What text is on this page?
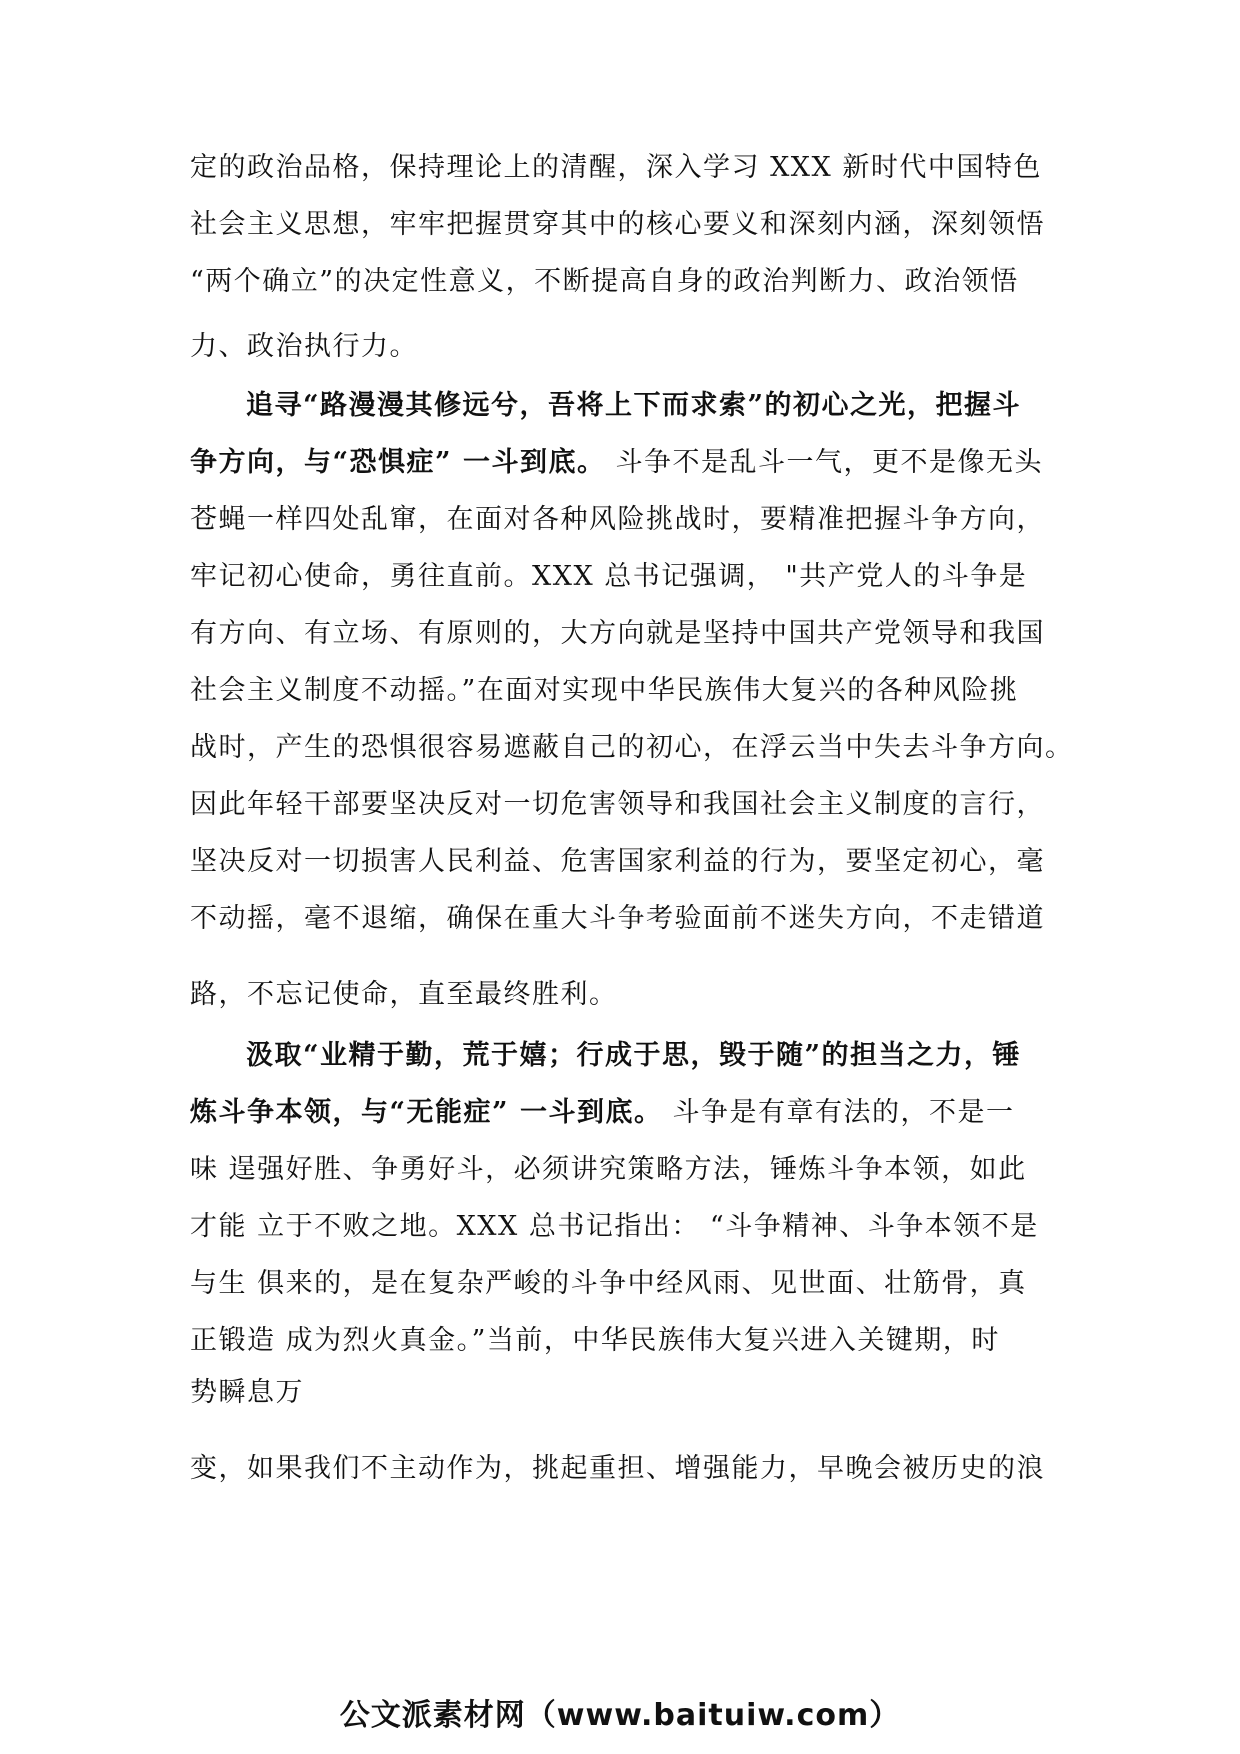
定的政治品格，保持理论上的清醒，深入学习 XXX 新时代中国特色
社会主义思想，牢牢把握贯穿其中的核心要义和深刻内涵，深刻领悟
“两个确立”的决定性意义，不断提高自身的政治判断力、政治领悟
力、政治执行力。
追寻“路漫漫其修远兮，吾将上下而求索”的初心之光，把握斗
争方向，与“恐惧症” 一斗到底。 斗争不是乱斗一气，更不是像无头
苍蝇一样四处乱窜，在面对各种风险挑战时，要精准把握斗争方向，
牢记初心使命，勇往直前。XXX 总书记强调， "共产党人的斗争是
有方向、有立场、有原则的，大方向就是坚持中国共产党领导和我国
社会主义制度不动摇。”在面对实现中华民族伟大复兴的各种风险挑
战时，产生的恐惧很容易遮蔽自己的初心，在浮云当中失去斗争方向。
因此年轻干部要坚决反对一切危害领导和我国社会主义制度的言行，
坚决反对一切损害人民利益、危害国家利益的行为，要坚定初心，毫
不动摇，毫不退缩，确保在重大斗争考验面前不迷失方向，不走错道
路，不忘记使命，直至最终胜利。
汲取“业精于勤，荒于嬉；行成于思，毁于随”的担当之力，锤
炼斗争本领，与“无能症” 一斗到底。 斗争是有章有法的，不是一
味 逞强好胜、争勇好斗，必须讲究策略方法，锤炼斗争本领，如此
才能 立于不败之地。XXX 总书记指出： “斗争精神、斗争本领不是
与生 俱来的，是在复杂严峻的斗争中经风雨、见世面、壮筋骨，真
正锻造 成为烈火真金。”当前，中华民族伟大复兴进入关键期，时
势瞬息万
变，如果我们不主动作为，挑起重担、增强能力，早晚会被历史的浪
公文派素材网（www.baituiw.com）
